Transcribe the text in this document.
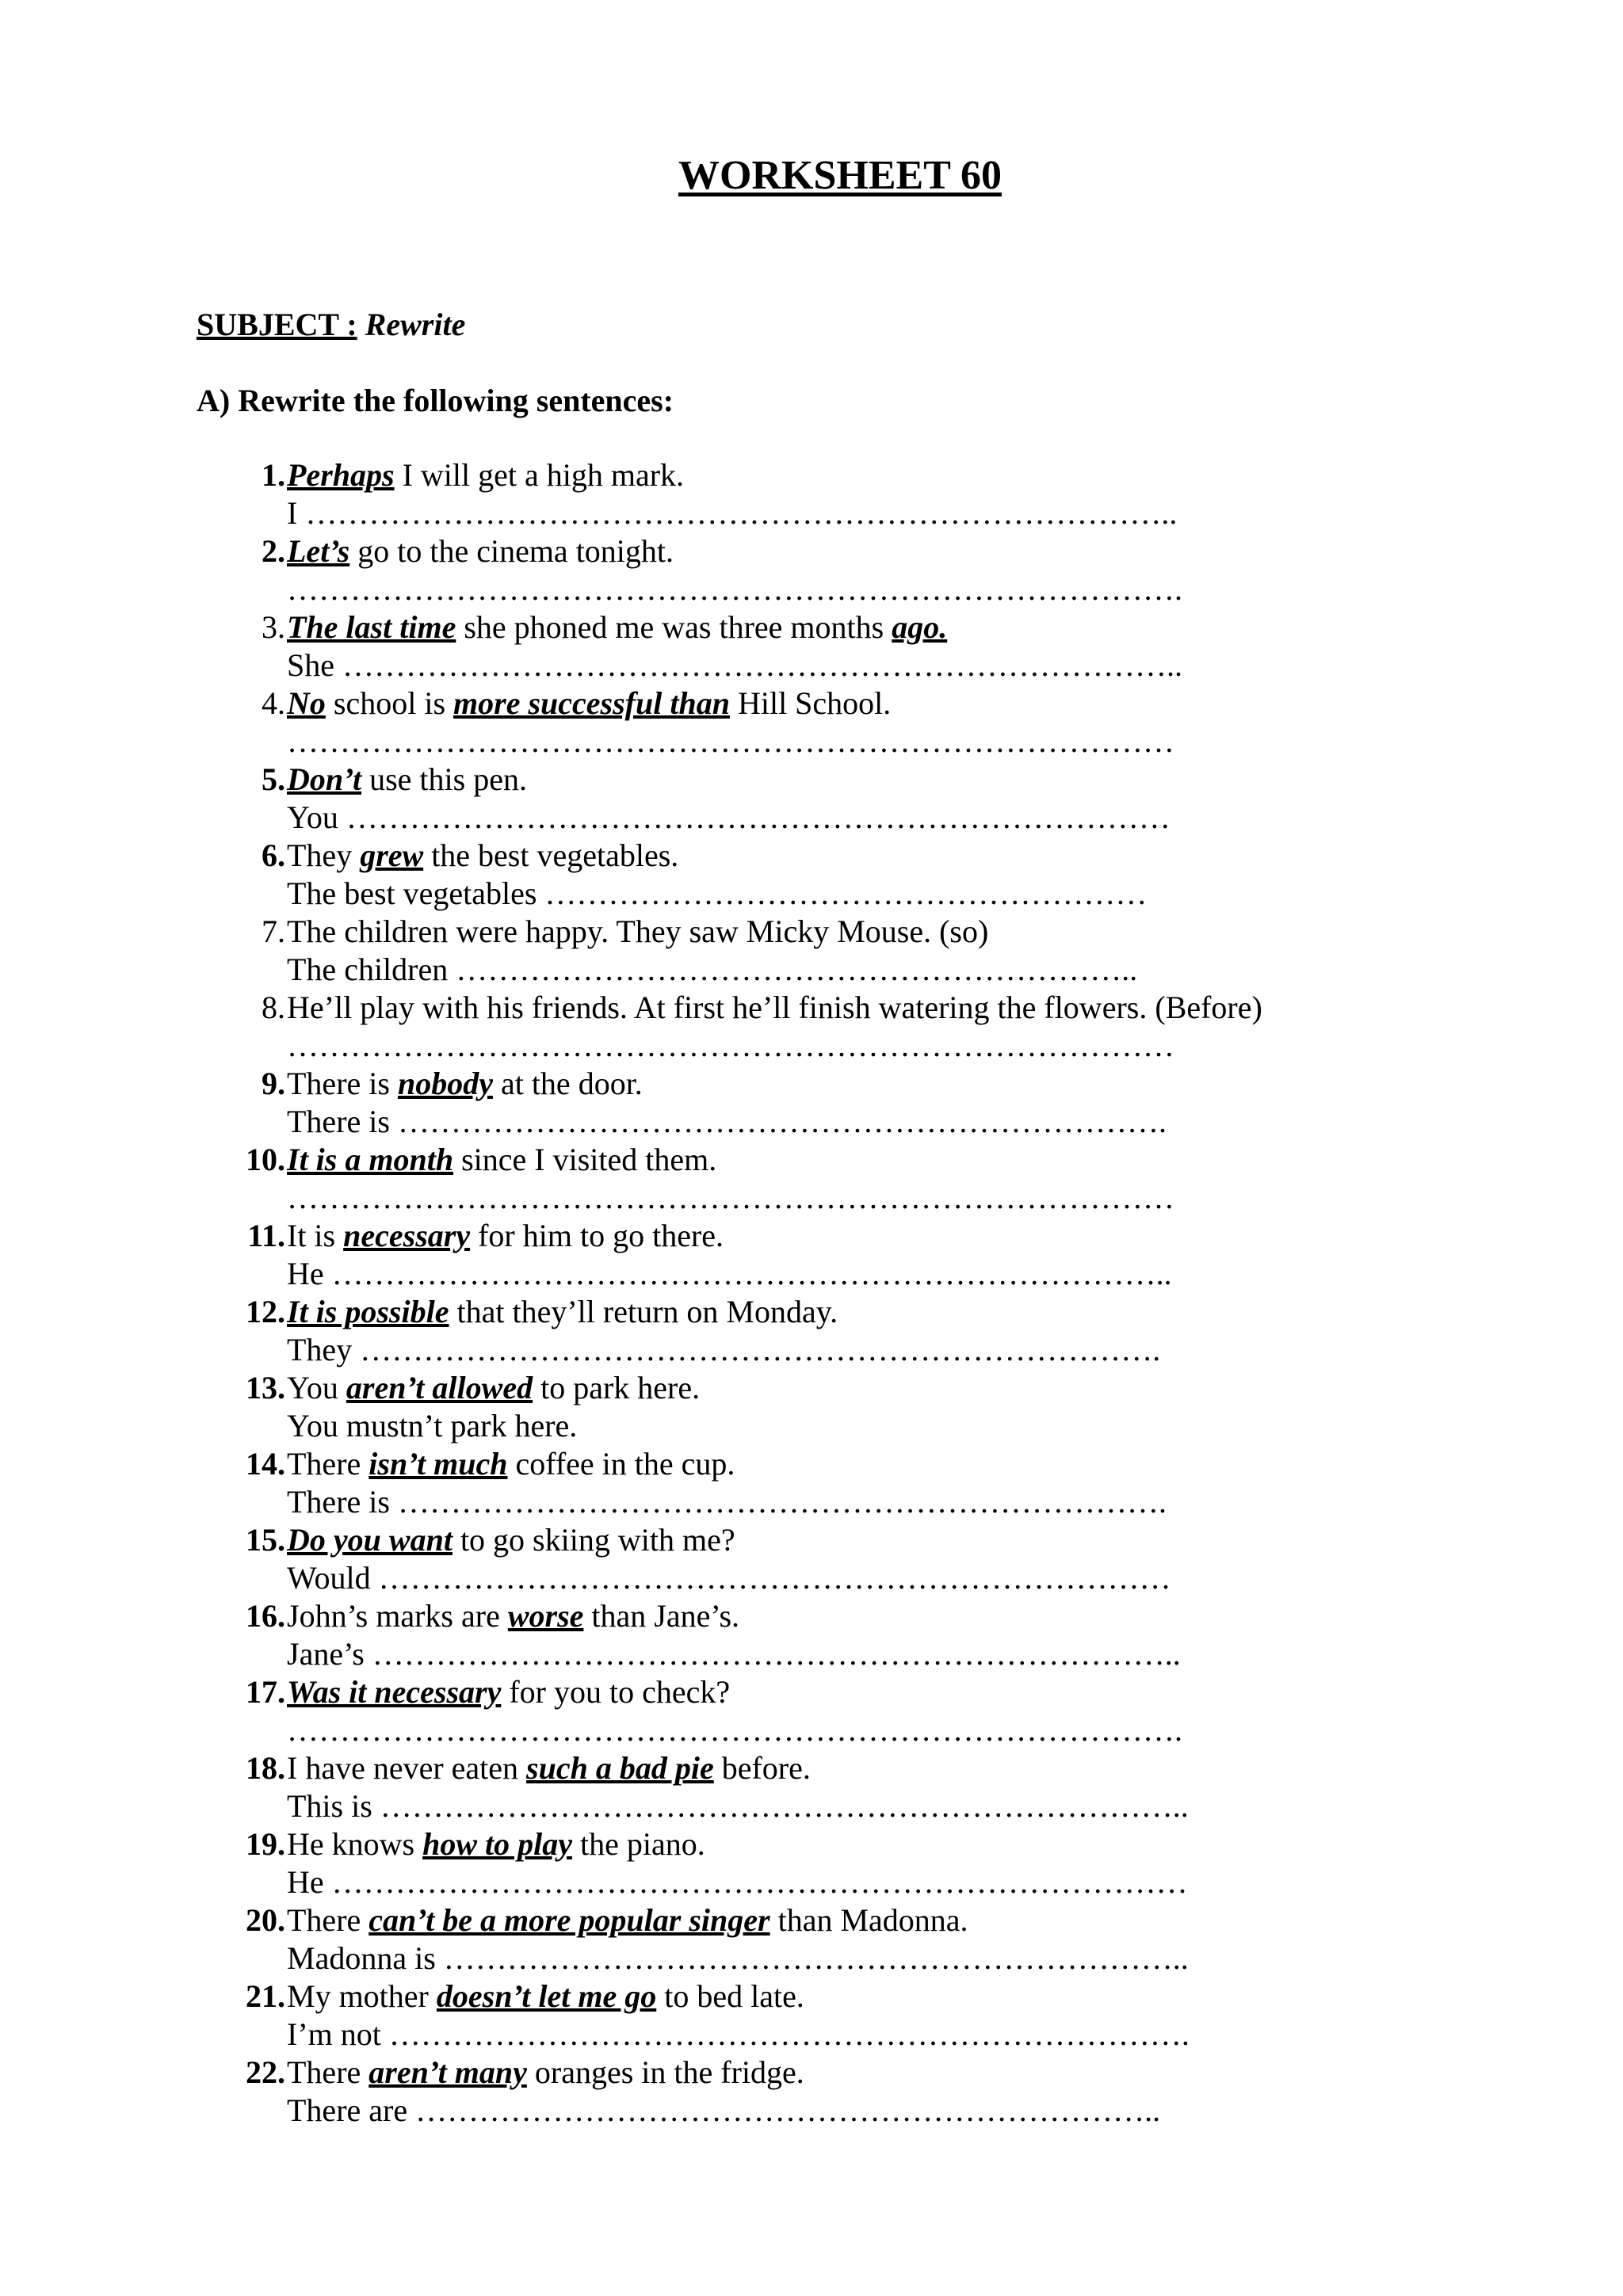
WORKSHEET 60
SUBJECT : Rewrite
A) Rewrite the following sentences:
1. Perhaps I will get a high mark.
I ………………………………………………………………………..
2. Let’s go to the cinema tonight.
………………………………………………………………………….
3. The last time she phoned me was three months ago.
She ……………………………………………………………………..
4. No school is more successful than Hill School.
…………………………………………………………………………
5. Don’t use this pen.
You ……………………………………………………………………
6. They grew the best vegetables.
The best vegetables …………………………………………………
7. The children were happy. They saw Micky Mouse. (so)
The children ………………………………………………………..
8. He’ll play with his friends. At first he’ll finish watering the flowers. (Before)
…………………………………………………………………………
9. There is nobody at the door.
There is ……………………………………………………………….
10. It is a month since I visited them.
…………………………………………………………………………
11. It is necessary for him to go there.
He ……………………………………………………………………..
12. It is possible that they’ll return on Monday.
They ………………………………………………………………….
13. You aren’t allowed to park here.
You mustn’t park here.
14. There isn’t much coffee in the cup.
There is ……………………………………………………………….
15. Do you want to go skiing with me?
Would …………………………………………………………………
16. John’s marks are worse than Jane’s.
Jane’s …………………………………………………………………..
17. Was it necessary for you to check?
………………………………………………………………………….
18. I have never eaten such a bad pie before.
This is …………………………………………………………………..
19. He knows how to play the piano.
He ………………………………………………………………………
20. There can’t be a more popular singer than Madonna.
Madonna is ……………………………………………………………..
21. My mother doesn’t let me go to bed late.
I’m not ………………………………………………………………….
22. There aren’t many oranges in the fridge.
There are ……………………………………………………………..
